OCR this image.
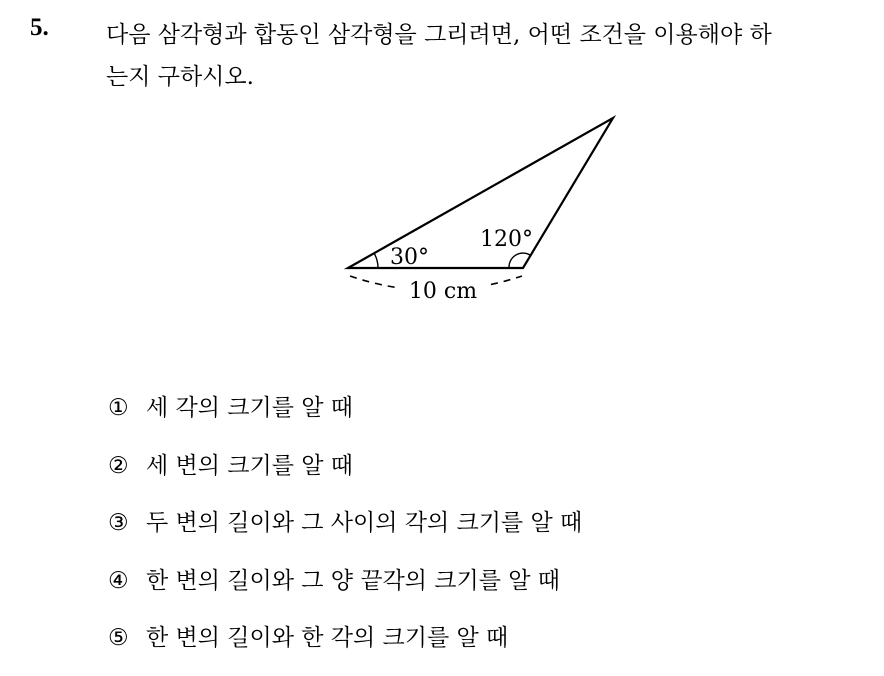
5. 다음 삼각형과 합동인 삼각형을 그리려면, 어떤 조건을 이용해야 하
는지 구하시오.
30°
120°
10 cm
① 세 각의 크기를 알 때
② 세 변의 크기를 알 때
③ 두 변의 길이와 그 사이의 각의 크기를 알 때
④ 한 변의 길이와 그 양 끝각의 크기를 알 때
⑤ 한 변의 길이와 한 각의 크기를 알 때
